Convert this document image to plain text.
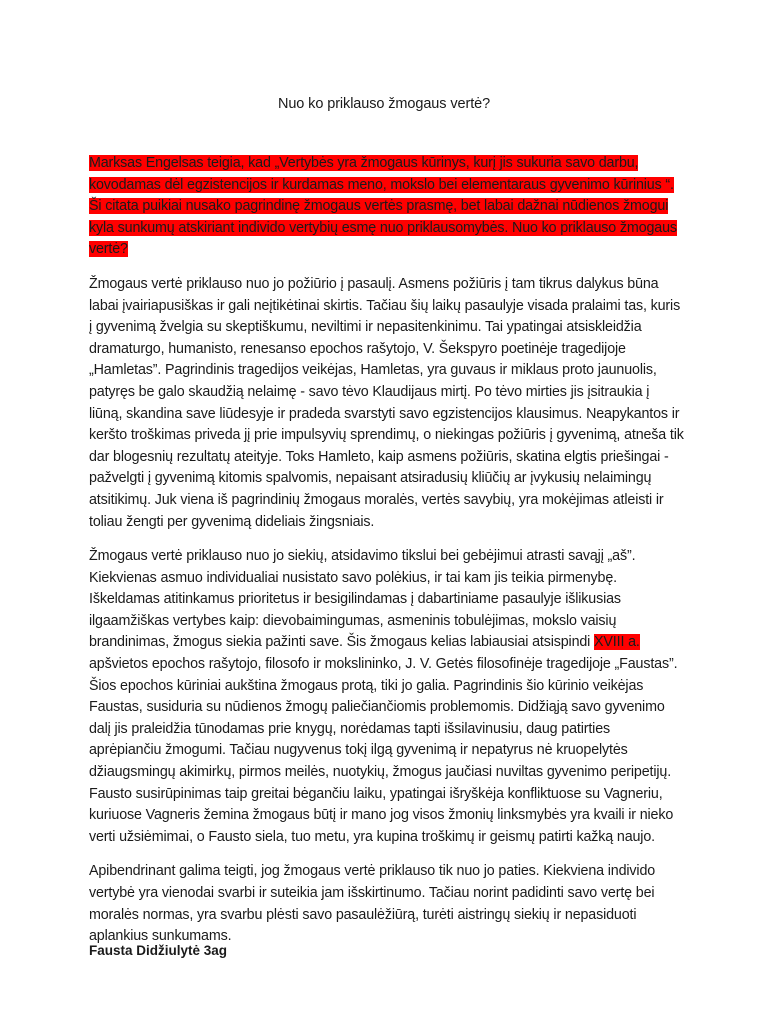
Nuo ko priklauso žmogaus vertė?

Marksas Engelsas teigia, kad „Vertybės yra žmogaus kūrinys, kurį jis sukuria savo darbu, kovodamas dėl egzistencijos ir kurdamas meno, mokslo bei elementaraus gyvenimo kūrinius “. Ši citata puikiai nusako pagrindinę žmogaus vertės prasmę, bet labai dažnai nūdienos žmogui kyla sunkumų atskiriant individo vertybių esmę nuo priklausomybės. Nuo ko priklauso žmogaus vertė?

Žmogaus vertė priklauso nuo jo požiūrio į pasaulį. Asmens požiūris į tam tikrus dalykus būna labai įvairiapusiškas ir gali neįtikėtinai skirtis. Tačiau šių laikų pasaulyje visada pralaimi tas, kuris į gyvenimą žvelgia su skeptiškumu, neviltimi ir nepasitenkinimu. Tai ypatingai atsiskleidžia dramaturgo, humanisto, renesanso epochos rašytojo, V. Šekspyro poetinėje tragedijoje „Hamletas”. Pagrindinis tragedijos veikėjas, Hamletas, yra guvaus ir miklaus proto jaunuolis, patyręs be galo skaudžią nelaimę - savo tėvo Klaudijaus mirtį. Po tėvo mirties jis įsitraukia į liūną, skandina save liūdesyje ir pradeda svarstyti savo egzistencijos klausimus. Neapykantos ir keršto troškimas priveda jį prie impulsyvių sprendimų, o niekingas požiūris į gyvenimą, atneša tik dar blogesnių rezultatų ateityje. Toks Hamleto, kaip asmens požiūris, skatina elgtis priešingai - pažvelgti į gyvenimą kitomis spalvomis, nepaisant atsiradusių kliūčių ar įvykusių nelaimingų atsitikimų. Juk viena iš pagrindinių žmogaus moralės, vertės savybių, yra mokėjimas atleisti ir toliau žengti per gyvenimą dideliais žingsniais.

Žmogaus vertė priklauso nuo jo siekių, atsidavimo tikslui bei gebėjimui atrasti savąjį „aš”. Kiekvienas asmuo individualiai nusistato savo polėkius, ir tai kam jis teikia pirmenybę. Iškeldamas atitinkamus prioritetus ir besigilindamas į dabartiniame pasaulyje išlikusias ilgaamžiškas vertybes kaip: dievobaimingumas, asmeninis tobulėjimas, mokslo vaisių brandinimas, žmogus siekia pažinti save. Šis žmogaus kelias labiausiai atsispindi XVIII a. apšvietos epochos rašytojo, filosofo ir mokslininko, J. V. Getės filosofinėje tragedijoje „Faustas”. Šios epochos kūriniai aukština žmogaus protą, tiki jo galia. Pagrindinis šio kūrinio veikėjas Faustas, susiduria su nūdienos žmogų paliečiančiomis problemomis. Didžiąją savo gyvenimo dalį jis praleidžia tūnodamas prie knygų, norėdamas tapti išsilavinusiu, daug patirties aprėpiančiu žmogumi. Tačiau nugyvenus tokį ilgą gyvenimą ir nepatyrus nė kruopelytės džiaugsmingų akimirkų, pirmos meilės, nuotykių, žmogus jaučiasi nuviltas gyvenimo peripetijų. Fausto susirūpinimas taip greitai bėgančiu laiku, ypatingai išryškėja konfliktuose su Vagneriu, kuriuose Vagneris žemina žmogaus būtį ir mano jog visos žmonių linksmybės yra kvaili ir nieko verti užsiėmimai, o Fausto siela, tuo metu, yra kupina troškimų ir geismų patirti kažką naujo.

Apibendrinant galima teigti, jog žmogaus vertė priklauso tik nuo jo paties. Kiekviena individo vertybė yra vienodai svarbi ir suteikia jam išskirtinumo. Tačiau norint padidinti savo vertę bei moralės normas, yra svarbu plėsti savo pasaulėžiūrą, turėti aistringų siekių ir nepasiduoti aplankius sunkumams.

Fausta Didžiulytė 3ag
